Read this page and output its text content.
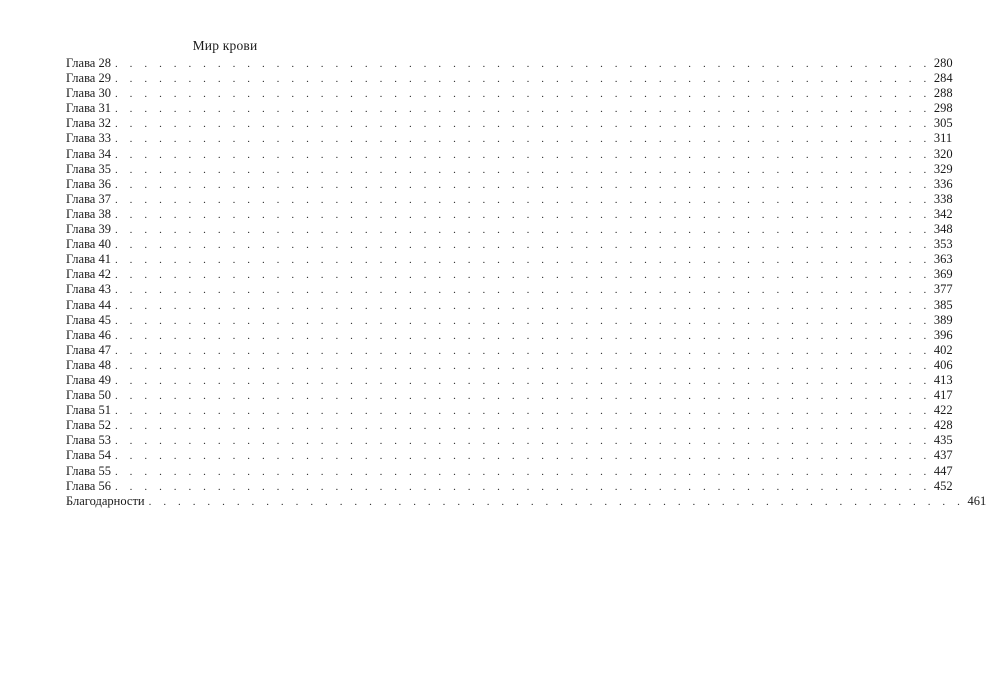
Мир крови
Глава 28 . . . . . . . . . . . . . . . . . . . . . . . . . . . . . . . . . . . . . . . . . . . . . . . . . . . . . . . . 280
Глава 29 . . . . . . . . . . . . . . . . . . . . . . . . . . . . . . . . . . . . . . . . . . . . . . . . . . . . . . . . 284
Глава 30 . . . . . . . . . . . . . . . . . . . . . . . . . . . . . . . . . . . . . . . . . . . . . . . . . . . . . . . . 288
Глава 31 . . . . . . . . . . . . . . . . . . . . . . . . . . . . . . . . . . . . . . . . . . . . . . . . . . . . . . . . 298
Глава 32 . . . . . . . . . . . . . . . . . . . . . . . . . . . . . . . . . . . . . . . . . . . . . . . . . . . . . . . . 305
Глава 33 . . . . . . . . . . . . . . . . . . . . . . . . . . . . . . . . . . . . . . . . . . . . . . . . . . . . . . . . 311
Глава 34 . . . . . . . . . . . . . . . . . . . . . . . . . . . . . . . . . . . . . . . . . . . . . . . . . . . . . . . . 320
Глава 35 . . . . . . . . . . . . . . . . . . . . . . . . . . . . . . . . . . . . . . . . . . . . . . . . . . . . . . . . 329
Глава 36 . . . . . . . . . . . . . . . . . . . . . . . . . . . . . . . . . . . . . . . . . . . . . . . . . . . . . . . . 336
Глава 37 . . . . . . . . . . . . . . . . . . . . . . . . . . . . . . . . . . . . . . . . . . . . . . . . . . . . . . . . 338
Глава 38 . . . . . . . . . . . . . . . . . . . . . . . . . . . . . . . . . . . . . . . . . . . . . . . . . . . . . . . . 342
Глава 39 . . . . . . . . . . . . . . . . . . . . . . . . . . . . . . . . . . . . . . . . . . . . . . . . . . . . . . . . 348
Глава 40 . . . . . . . . . . . . . . . . . . . . . . . . . . . . . . . . . . . . . . . . . . . . . . . . . . . . . . . . 353
Глава 41 . . . . . . . . . . . . . . . . . . . . . . . . . . . . . . . . . . . . . . . . . . . . . . . . . . . . . . . . 363
Глава 42 . . . . . . . . . . . . . . . . . . . . . . . . . . . . . . . . . . . . . . . . . . . . . . . . . . . . . . . . 369
Глава 43 . . . . . . . . . . . . . . . . . . . . . . . . . . . . . . . . . . . . . . . . . . . . . . . . . . . . . . . . 377
Глава 44 . . . . . . . . . . . . . . . . . . . . . . . . . . . . . . . . . . . . . . . . . . . . . . . . . . . . . . . . 385
Глава 45 . . . . . . . . . . . . . . . . . . . . . . . . . . . . . . . . . . . . . . . . . . . . . . . . . . . . . . . . 389
Глава 46 . . . . . . . . . . . . . . . . . . . . . . . . . . . . . . . . . . . . . . . . . . . . . . . . . . . . . . . . 396
Глава 47 . . . . . . . . . . . . . . . . . . . . . . . . . . . . . . . . . . . . . . . . . . . . . . . . . . . . . . . . 402
Глава 48 . . . . . . . . . . . . . . . . . . . . . . . . . . . . . . . . . . . . . . . . . . . . . . . . . . . . . . . . 406
Глава 49 . . . . . . . . . . . . . . . . . . . . . . . . . . . . . . . . . . . . . . . . . . . . . . . . . . . . . . . . 413
Глава 50 . . . . . . . . . . . . . . . . . . . . . . . . . . . . . . . . . . . . . . . . . . . . . . . . . . . . . . . . 417
Глава 51 . . . . . . . . . . . . . . . . . . . . . . . . . . . . . . . . . . . . . . . . . . . . . . . . . . . . . . . . 422
Глава 52 . . . . . . . . . . . . . . . . . . . . . . . . . . . . . . . . . . . . . . . . . . . . . . . . . . . . . . . . 428
Глава 53 . . . . . . . . . . . . . . . . . . . . . . . . . . . . . . . . . . . . . . . . . . . . . . . . . . . . . . . . 435
Глава 54 . . . . . . . . . . . . . . . . . . . . . . . . . . . . . . . . . . . . . . . . . . . . . . . . . . . . . . . . 437
Глава 55 . . . . . . . . . . . . . . . . . . . . . . . . . . . . . . . . . . . . . . . . . . . . . . . . . . . . . . . . 447
Глава 56 . . . . . . . . . . . . . . . . . . . . . . . . . . . . . . . . . . . . . . . . . . . . . . . . . . . . . . . . 452
Благодарности . . . . . . . . . . . . . . . . . . . . . . . . . . . . . . . . . . . . . . . . . . . . . . . . . . . . . . . . 461
